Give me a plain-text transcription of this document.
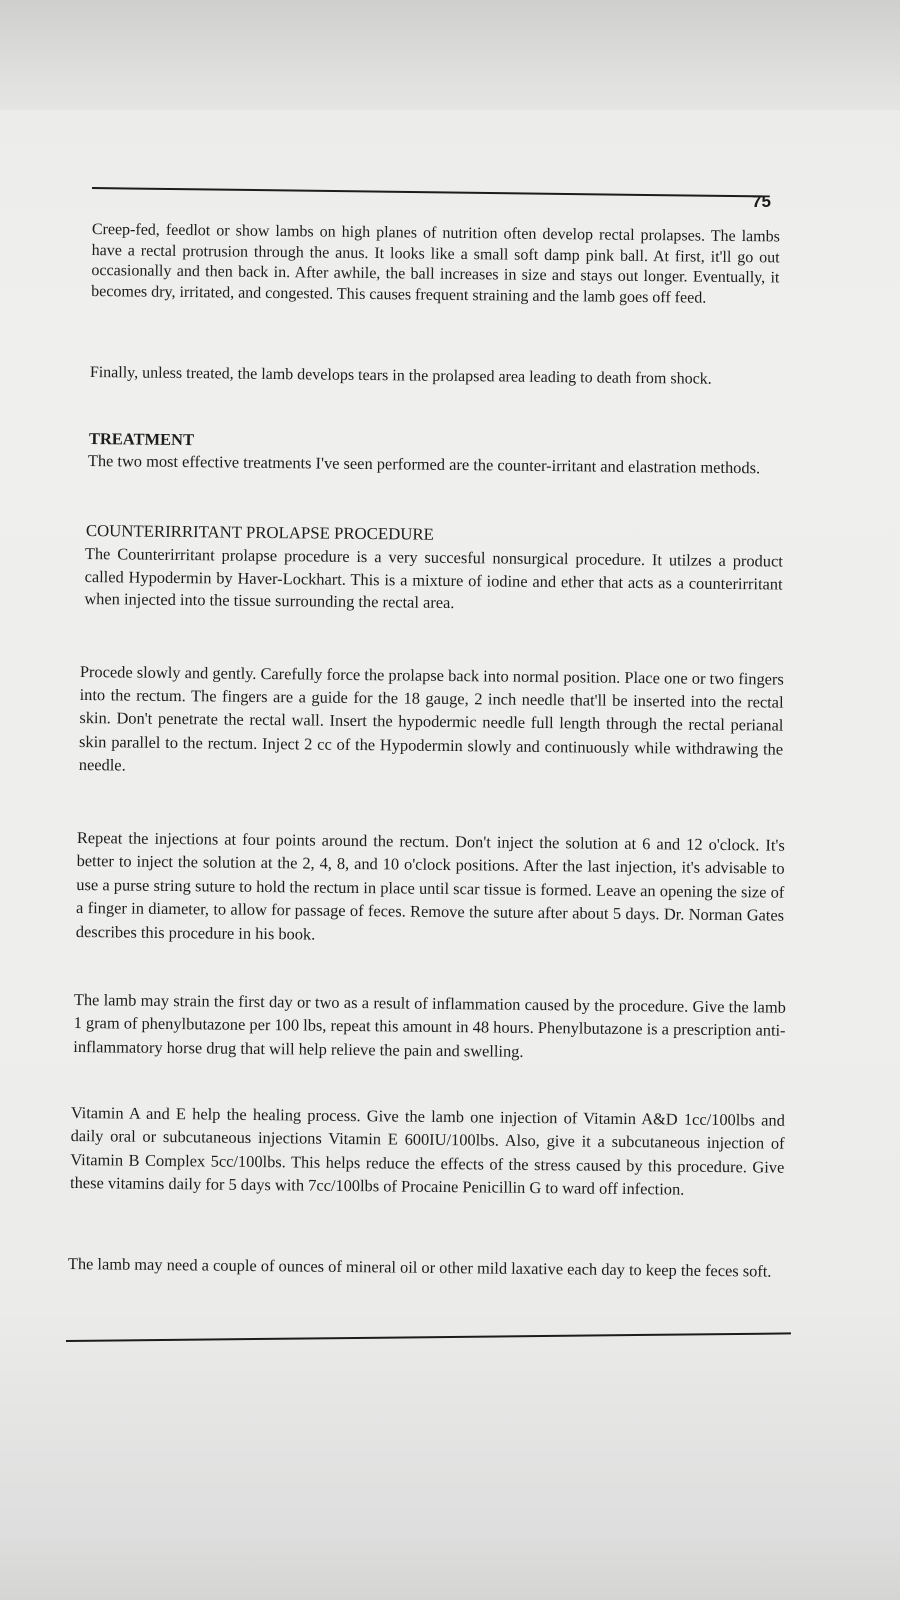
75

Creep-fed, feedlot or show lambs on high planes of nutrition often develop rectal prolapses. The lambs have a rectal protrusion through the anus. It looks like a small soft damp pink ball. At first, it'll go out occasionally and then back in. After awhile, the ball increases in size and stays out longer. Eventually, it becomes dry, irritated, and congested. This causes frequent straining and the lamb goes off feed.

Finally, unless treated, the lamb develops tears in the prolapsed area leading to death from shock.

TREATMENT

The two most effective treatments I've seen performed are the counter-irritant and elastration methods.

COUNTERIRRITANT PROLAPSE PROCEDURE

The Counterirritant prolapse procedure is a very succesful nonsurgical procedure. It utilzes a product called Hypodermin by Haver-Lockhart. This is a mixture of iodine and ether that acts as a counterirritant when injected into the tissue surrounding the rectal area.

Procede slowly and gently. Carefully force the prolapse back into normal position. Place one or two fingers into the rectum. The fingers are a guide for the 18 gauge, 2 inch needle that'll be inserted into the rectal skin. Don't penetrate the rectal wall. Insert the hypodermic needle full length through the rectal perianal skin parallel to the rectum. Inject 2 cc of the Hypodermin slowly and continuously while withdrawing the needle.

Repeat the injections at four points around the rectum. Don't inject the solution at 6 and 12 o'clock. It's better to inject the solution at the 2, 4, 8, and 10 o'clock positions. After the last injection, it's advisable to use a purse string suture to hold the rectum in place until scar tissue is formed. Leave an opening the size of a finger in diameter, to allow for passage of feces. Remove the suture after about 5 days. Dr. Norman Gates describes this procedure in his book.

The lamb may strain the first day or two as a result of inflammation caused by the procedure. Give the lamb 1 gram of phenylbutazone per 100 lbs, repeat this amount in 48 hours. Phenylbutazone is a prescription anti-inflammatory horse drug that will help relieve the pain and swelling.

Vitamin A and E help the healing process. Give the lamb one injection of Vitamin A&D 1cc/100lbs and daily oral or subcutaneous injections Vitamin E 600IU/100lbs. Also, give it a subcutaneous injection of Vitamin B Complex 5cc/100lbs. This helps reduce the effects of the stress caused by this procedure. Give these vitamins daily for 5 days with 7cc/100lbs of Procaine Penicillin G to ward off infection.

The lamb may need a couple of ounces of mineral oil or other mild laxative each day to keep the feces soft.
